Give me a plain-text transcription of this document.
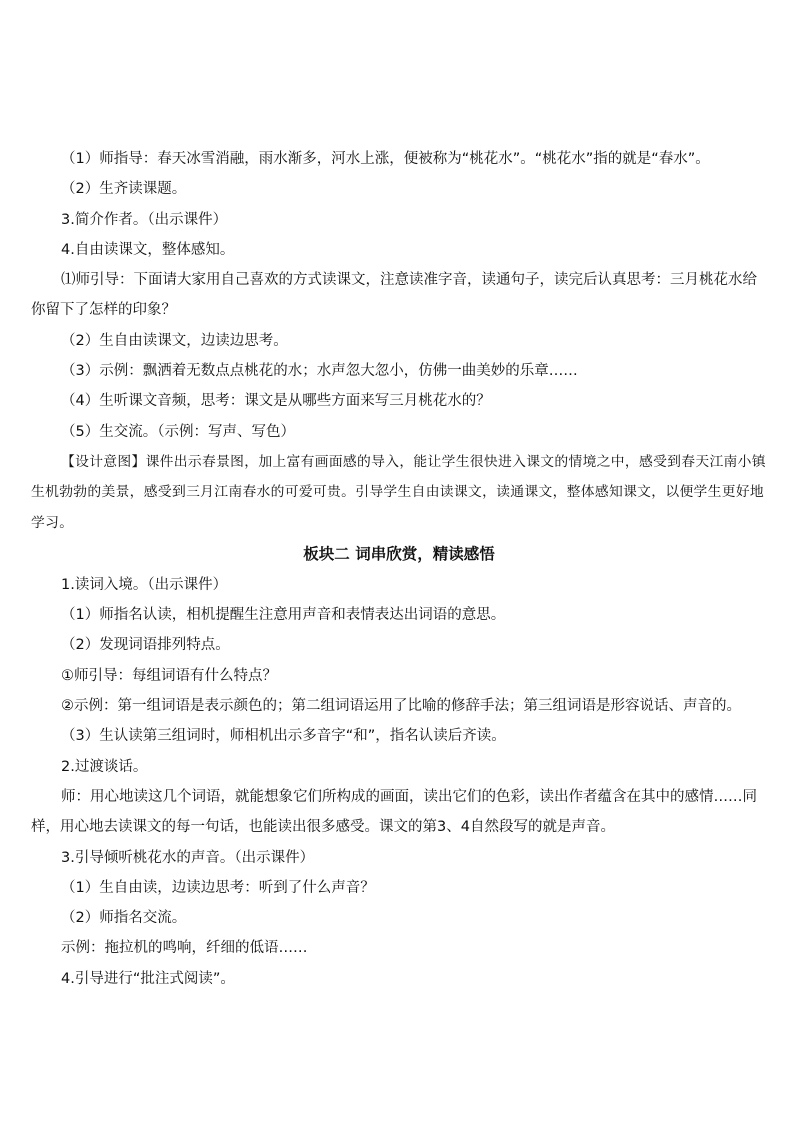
（1）师指导：春天冰雪消融，雨水渐多，河水上涨，便被称为“桃花水”。“桃花水”指的就是“春水”。

（2）生齐读课题。

3.简介作者。（出示课件）

4.自由读课文，整体感知。

⑴师引导：下面请大家用自己喜欢的方式读课文，注意读准字音，读通句子，读完后认真思考：三月桃花水给你留下了怎样的印象？

（2）生自由读课文，边读边思考。

（3）示例：飘洒着无数点点桃花的水；水声忽大忽小，仿佛一曲美妙的乐章……

（4）生听课文音频，思考：课文是从哪些方面来写三月桃花水的？

（5）生交流。（示例：写声、写色）

【设计意图】课件出示春景图，加上富有画面感的导入，能让学生很快进入课文的情境之中，感受到春天江南小镇生机勃勃的美景，感受到三月江南春水的可爱可贵。引导学生自由读课文，读通课文，整体感知课文，以便学生更好地学习。

板块二 词串欣赏，精读感悟

1.读词入境。（出示课件）

（1）师指名认读，相机提醒生注意用声音和表情表达出词语的意思。

（2）发现词语排列特点。

①师引导：每组词语有什么特点？

②示例：第一组词语是表示颜色的；第二组词语运用了比喻的修辞手法；第三组词语是形容说话、声音的。

（3）生认读第三组词时，师相机出示多音字“和”，指名认读后齐读。

2.过渡谈话。

师：用心地读这几个词语，就能想象它们所构成的画面，读出它们的色彩，读出作者蕴含在其中的感情……同样，用心地去读课文的每一句话，也能读出很多感受。课文的第3、4自然段写的就是声音。

3.引导倾听桃花水的声音。（出示课件）

（1）生自由读，边读边思考：听到了什么声音？

（2）师指名交流。

示例：拖拉机的鸣响，纤细的低语……

4.引导进行“批注式阅读”。
